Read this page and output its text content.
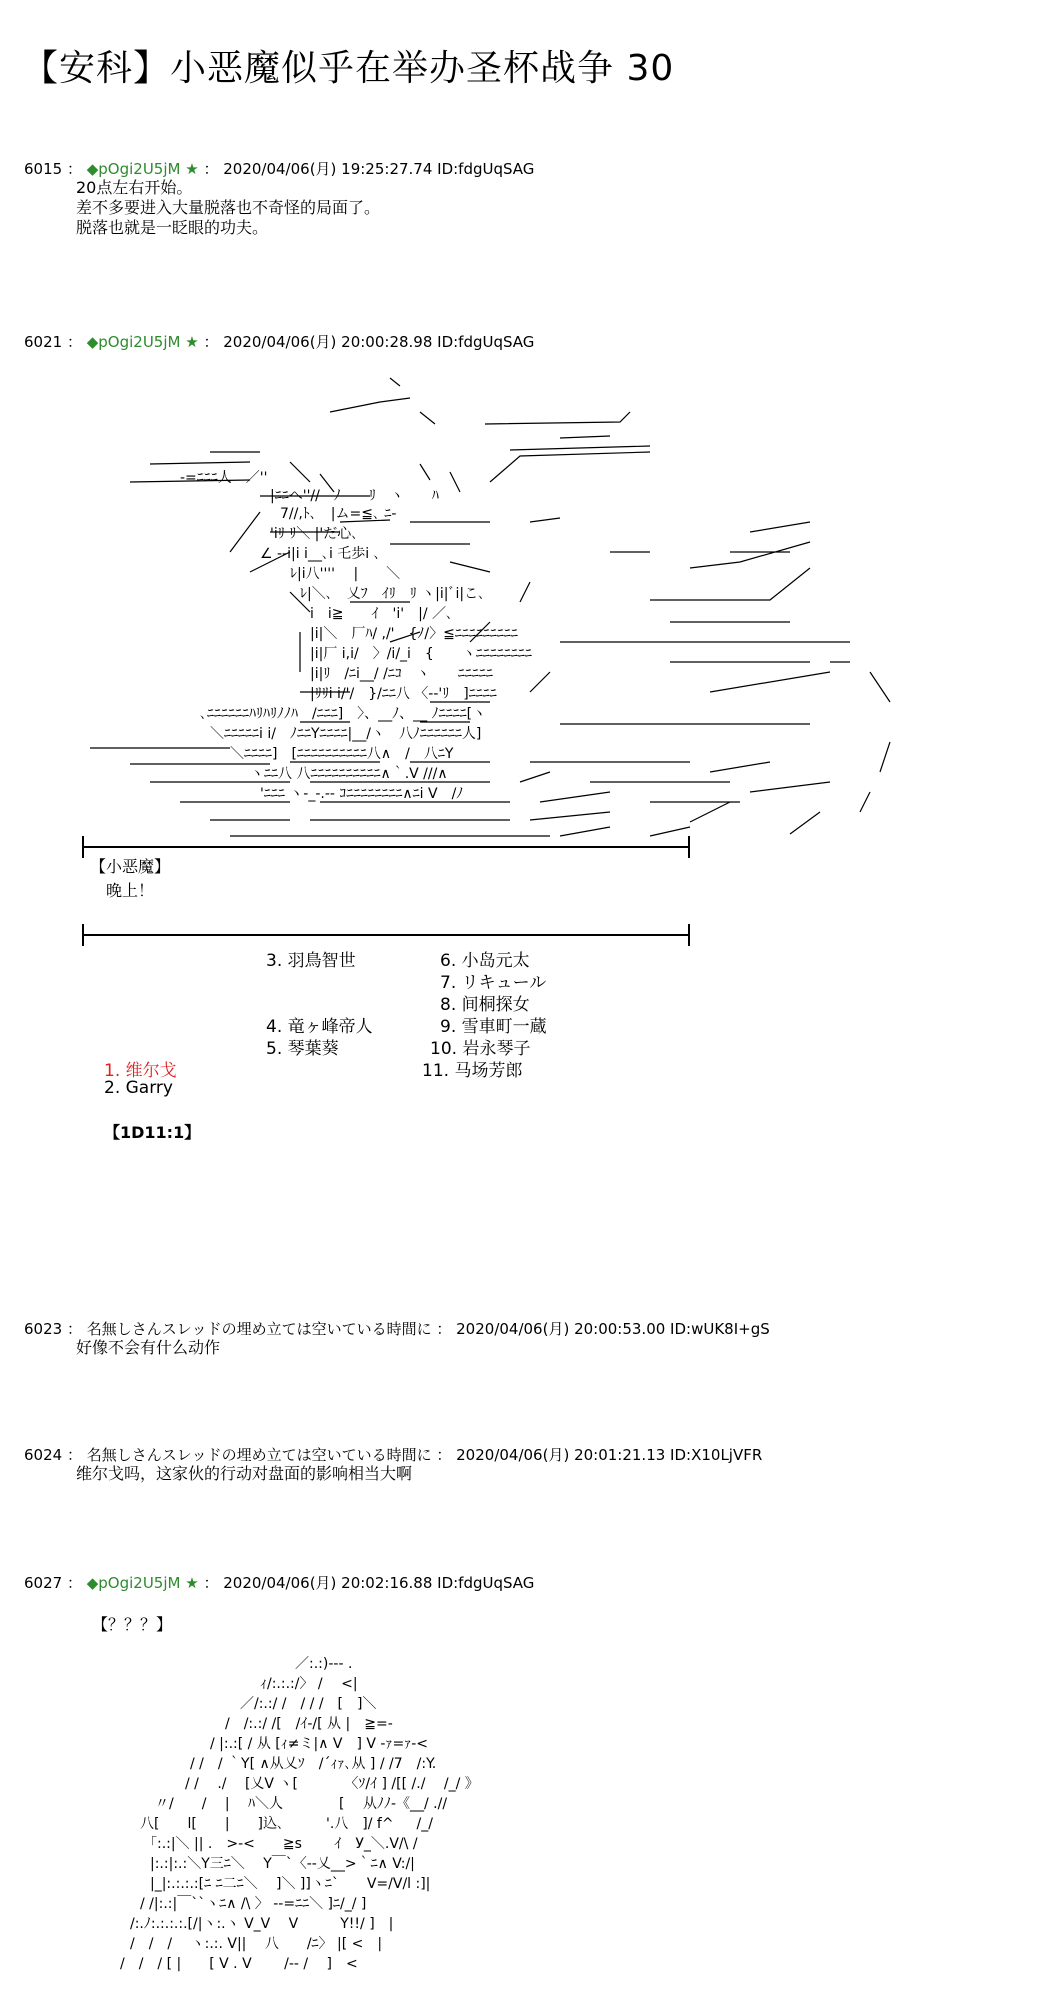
【安科】小恶魔似乎在举办圣杯战争 30
6015 ： ◆pOgi2U5jM ★ ： 2020/04/06(月) 19:25:27.74 ID:fdgUqSAG
20点左右开始。
差不多要进入大量脱落也不奇怪的局面了。
脱落也就是一眨眼的功夫。
6021 ： ◆pOgi2U5jM ★ ： 2020/04/06(月) 20:00:28.98 ID:fdgUqSAG
‐=ﾆﾆﾆ人　／''
|ﾆﾆへ''//　ﾉ　　ﾘ　ヽ　　ﾊ
7//,ﾄ､　|ム=≦､ ﾆ‐
'iﾘ ﾘ＼ |'だ心､
∠ ‐-i|i i__､i 乇歩i ､
ﾚ|i八'''' 　|　　＼
ﾚ|＼､　乂ﾌ　ｲﾘ　ﾘ ヽ|i|ﾞi|こ､
i　i≧　　ｲ　'i'　|/ ／､
|i|＼　厂ﾊ/ ,/'　{ﾉ/〉≦ﾆﾆﾆﾆﾆﾆﾆﾆﾆ
|i|厂 i,i/　〉/i/_i　{　　ヽﾆﾆﾆﾆﾆﾆﾆﾆ
|i|ﾘ　/ﾆi__/ /ﾆｺ　ヽ　　ﾆﾆﾆﾆﾆ
|ﾘﾘi i/'/　}/ﾆﾆ八 〈‐‐'ﾘ　]ﾆﾆﾆﾆ
､ﾆﾆﾆﾆﾆﾆﾊﾘﾊﾘﾉﾉﾊ　/ﾆﾆﾆ]　〉、__ﾉ、__ ﾉﾆﾆﾆﾆ[ヽ
＼ﾆﾆﾆﾆﾆi i/　ﾉﾆﾆYﾆﾆﾆﾆ|__/ヽ　八ﾉﾆﾆﾆﾆﾆﾆ人]
＼ﾆﾆﾆﾆ]　[ﾆﾆﾆﾆﾆﾆﾆﾆﾆﾆ八∧　/　八ﾆY
ヽﾆﾆ八 八ﾆﾆﾆﾆﾆﾆﾆﾆﾆﾆ∧｀.V ///∧
'ﾆﾆﾆ ヽ-_-.-- ｺﾆﾆﾆﾆﾆﾆﾆﾆ∧ﾆi V　/ﾉ
【小恶魔】
晚上！
3. 羽鳥智世	6. 小岛元太
7. リキュール
8. 间桐探女
4. 竜ヶ峰帝人	9. 雪車町一蔵
5. 琴葉葵	10. 岩永琴子
1. 维尔戈	11. 马场芳郎
2. Garry
【1D11:1】
6023 ： 名無しさんスレッドの埋め立ては空いている時間に ： 2020/04/06(月) 20:00:53.00 ID:wUK8I+gS
好像不会有什么动作
6024 ： 名無しさんスレッドの埋め立ては空いている時間に ： 2020/04/06(月) 20:01:21.13 ID:X10LjVFR
维尔戈吗，这家伙的行动对盘面的影响相当大啊
6027 ： ◆pOgi2U5jM ★ ： 2020/04/06(月) 20:02:16.88 ID:fdgUqSAG
【？？？】
／:.:)‐‐‐ .
ｨ/:.:.:/〉 /　 <|
／/:.:/ /　/ / /　[　]＼
/　/:.:/ /[　/ｲ-/[ 从 |　≧=-
/ |:.:[ / 从 [ｨ≠ミ|∧ V　] V -ｧ=ｧ-<
/ /　/ ｀Y[ ∧从乂ｿ　/´ｨｧ､从 ] / /7　/:Y.
/ /　 ./　 [乂V ヽ[　　　 〈ｿ/ｲ ] /[[ /./ 　/_/ 》
〃/　　/　 |　 ﾊ＼人　　　　[　 从ﾉﾉ-《__/ .//
八[　　l[　　|　　]込､　　　'.八　]/ f^ 　 /_/
｢:.:|＼ || .　>-<　　≧s　　 ｲ　У_＼.V/\ /
|:.:|:.:＼Y三ﾆ＼　 Y￣`〈‐‐乂__>｀ﾆ∧ V:/|
|_|:.:.:.:[ﾆ ﾆ二ﾆ＼　 ]＼ ]]ヽﾆ`　　V=/V/l :]|
/ /|:.:|￣``ヽﾆ∧ /\ 〉 ‐‐=ﾆﾆ＼ ]ﾆ/_/ ]
/:.ﾉ:.:.:.:.[/|ヽ:.ヽ V_V 　V　　　Y!!/ ]　|
/　/　/ 　ヽ:.:. V|| 　八　　/ﾆ〉 |[ <　|
/　/　/ [ |　　[ V . V 　　/‐‐ /　 ]　<
